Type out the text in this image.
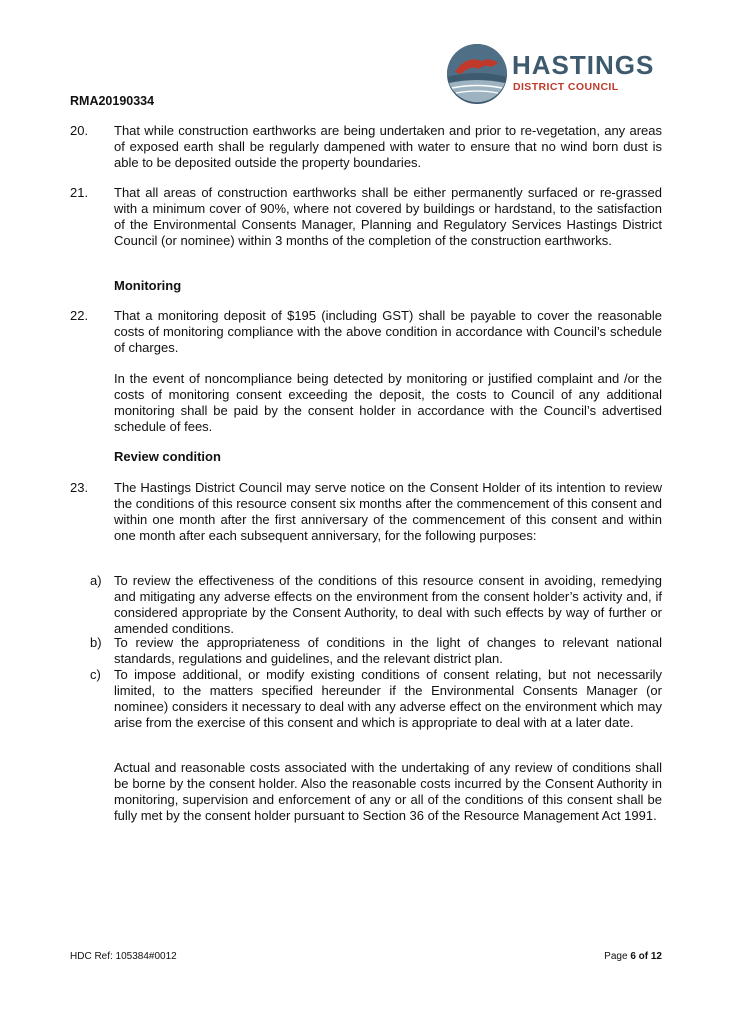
HASTINGS
DISTRICT COUNCIL
RMA20190334
20. That while construction earthworks are being undertaken and prior to re-vegetation, any areas of exposed earth shall be regularly dampened with water to ensure that no wind born dust is able to be deposited outside the property boundaries.

21. That all areas of construction earthworks shall be either permanently surfaced or re-grassed with a minimum cover of 90%, where not covered by buildings or hardstand, to the satisfaction of the Environmental Consents Manager, Planning and Regulatory Services Hastings District Council (or nominee) within 3 months of the completion of the construction earthworks.

Monitoring
22. That a monitoring deposit of $195 (including GST) shall be payable to cover the reasonable costs of monitoring compliance with the above condition in accordance with Council’s schedule of charges.

In the event of noncompliance being detected by monitoring or justified complaint and /or the costs of monitoring consent exceeding the deposit, the costs to Council of any additional monitoring shall be paid by the consent holder in accordance with the Council’s advertised schedule of fees.

Review condition
23. The Hastings District Council may serve notice on the Consent Holder of its intention to review the conditions of this resource consent six months after the commencement of this consent and within one month after the first anniversary of the commencement of this consent and within one month after each subsequent anniversary, for the following purposes:

a) To review the effectiveness of the conditions of this resource consent in avoiding, remedying and mitigating any adverse effects on the environment from the consent holder’s activity and, if considered appropriate by the Consent Authority, to deal with such effects by way of further or amended conditions.

b) To review the appropriateness of conditions in the light of changes to relevant national standards, regulations and guidelines, and the relevant district plan.

c) To impose additional, or modify existing conditions of consent relating, but not necessarily limited, to the matters specified hereunder if the Environmental Consents Manager (or nominee) considers it necessary to deal with any adverse effect on the environment which may arise from the exercise of this consent and which is appropriate to deal with at a later date.

Actual and reasonable costs associated with the undertaking of any review of conditions shall be borne by the consent holder. Also the reasonable costs incurred by the Consent Authority in monitoring, supervision and enforcement of any or all of the conditions of this consent shall be fully met by the consent holder pursuant to Section 36 of the Resource Management Act 1991.

HDC Ref: 105384#0012	Page 6 of 12
